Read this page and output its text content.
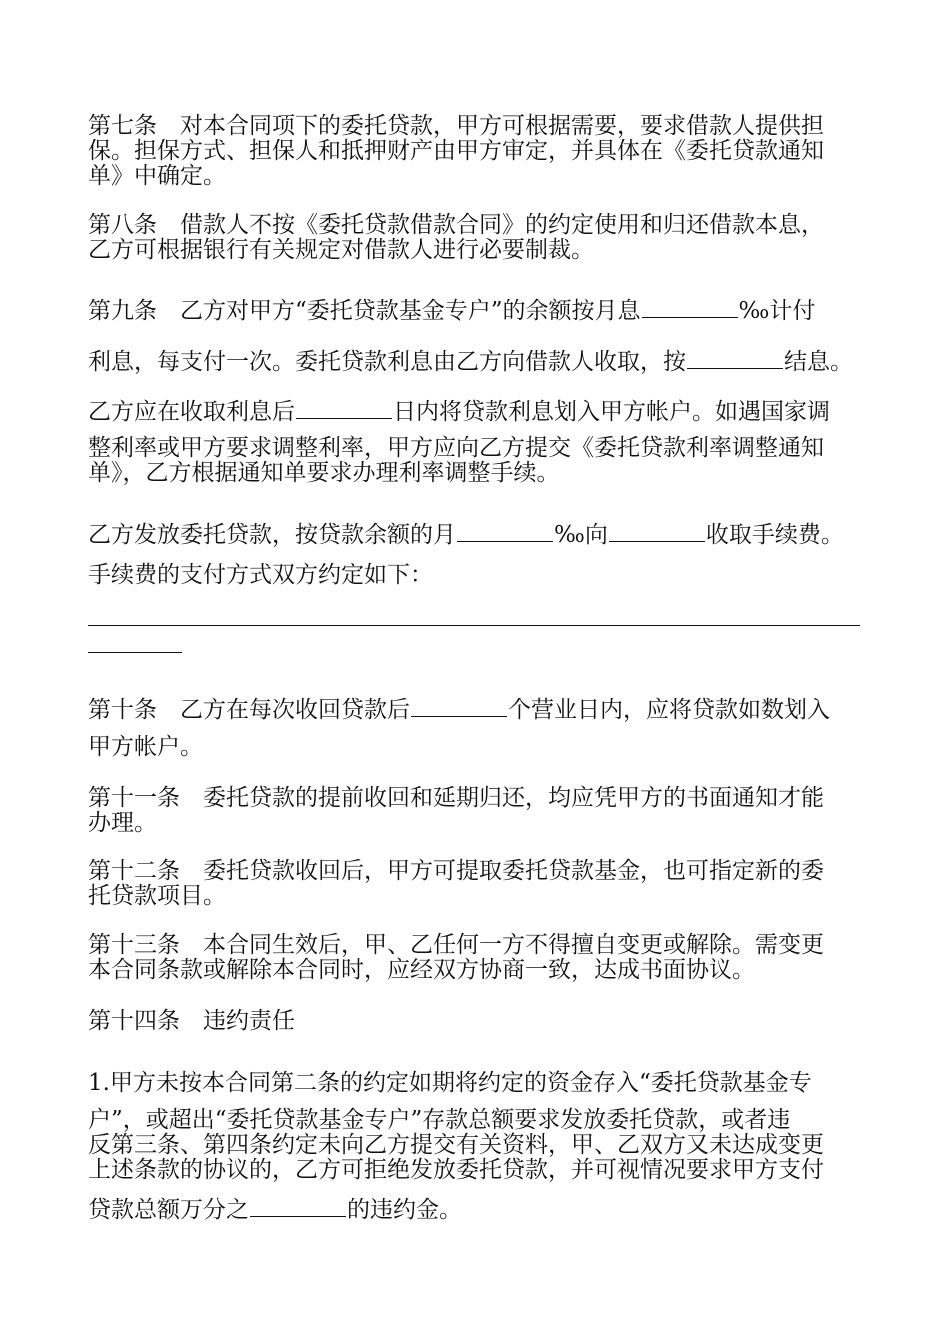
第七条　对本合同项下的委托贷款，甲方可根据需要，要求借款人提供担
保。担保方式、担保人和抵押财产由甲方审定，并具体在《委托贷款通知
单》中确定。
第八条　借款人不按《委托贷款借款合同》的约定使用和归还借款本息，
乙方可根据银行有关规定对借款人进行必要制裁。
第九条　乙方对甲方“委托贷款基金专户”的余额按月息	‰计付
利息，每支付一次。委托贷款利息由乙方向借款人收取，按	结息。
乙方应在收取利息后	日内将贷款利息划入甲方帐户。如遇国家调
整利率或甲方要求调整利率，甲方应向乙方提交《委托贷款利率调整通知
单》，乙方根据通知单要求办理利率调整手续。
乙方发放委托贷款，按贷款余额的月	‰向	收取手续费。
手续费的支付方式双方约定如下：
第十条　乙方在每次收回贷款后	个营业日内，应将贷款如数划入
甲方帐户。
第十一条　委托贷款的提前收回和延期归还，均应凭甲方的书面通知才能
办理。
第十二条　委托贷款收回后，甲方可提取委托贷款基金，也可指定新的委
托贷款项目。
第十三条　本合同生效后，甲、乙任何一方不得擅自变更或解除。需变更
本合同条款或解除本合同时，应经双方协商一致，达成书面协议。
第十四条　违约责任
1.甲方未按本合同第二条的约定如期将约定的资金存入“委托贷款基金专
户”，或超出“委托贷款基金专户”存款总额要求发放委托贷款，或者违
反第三条、第四条约定未向乙方提交有关资料，甲、乙双方又未达成变更
上述条款的协议的，乙方可拒绝发放委托贷款，并可视情况要求甲方支付
贷款总额万分之	的违约金。
